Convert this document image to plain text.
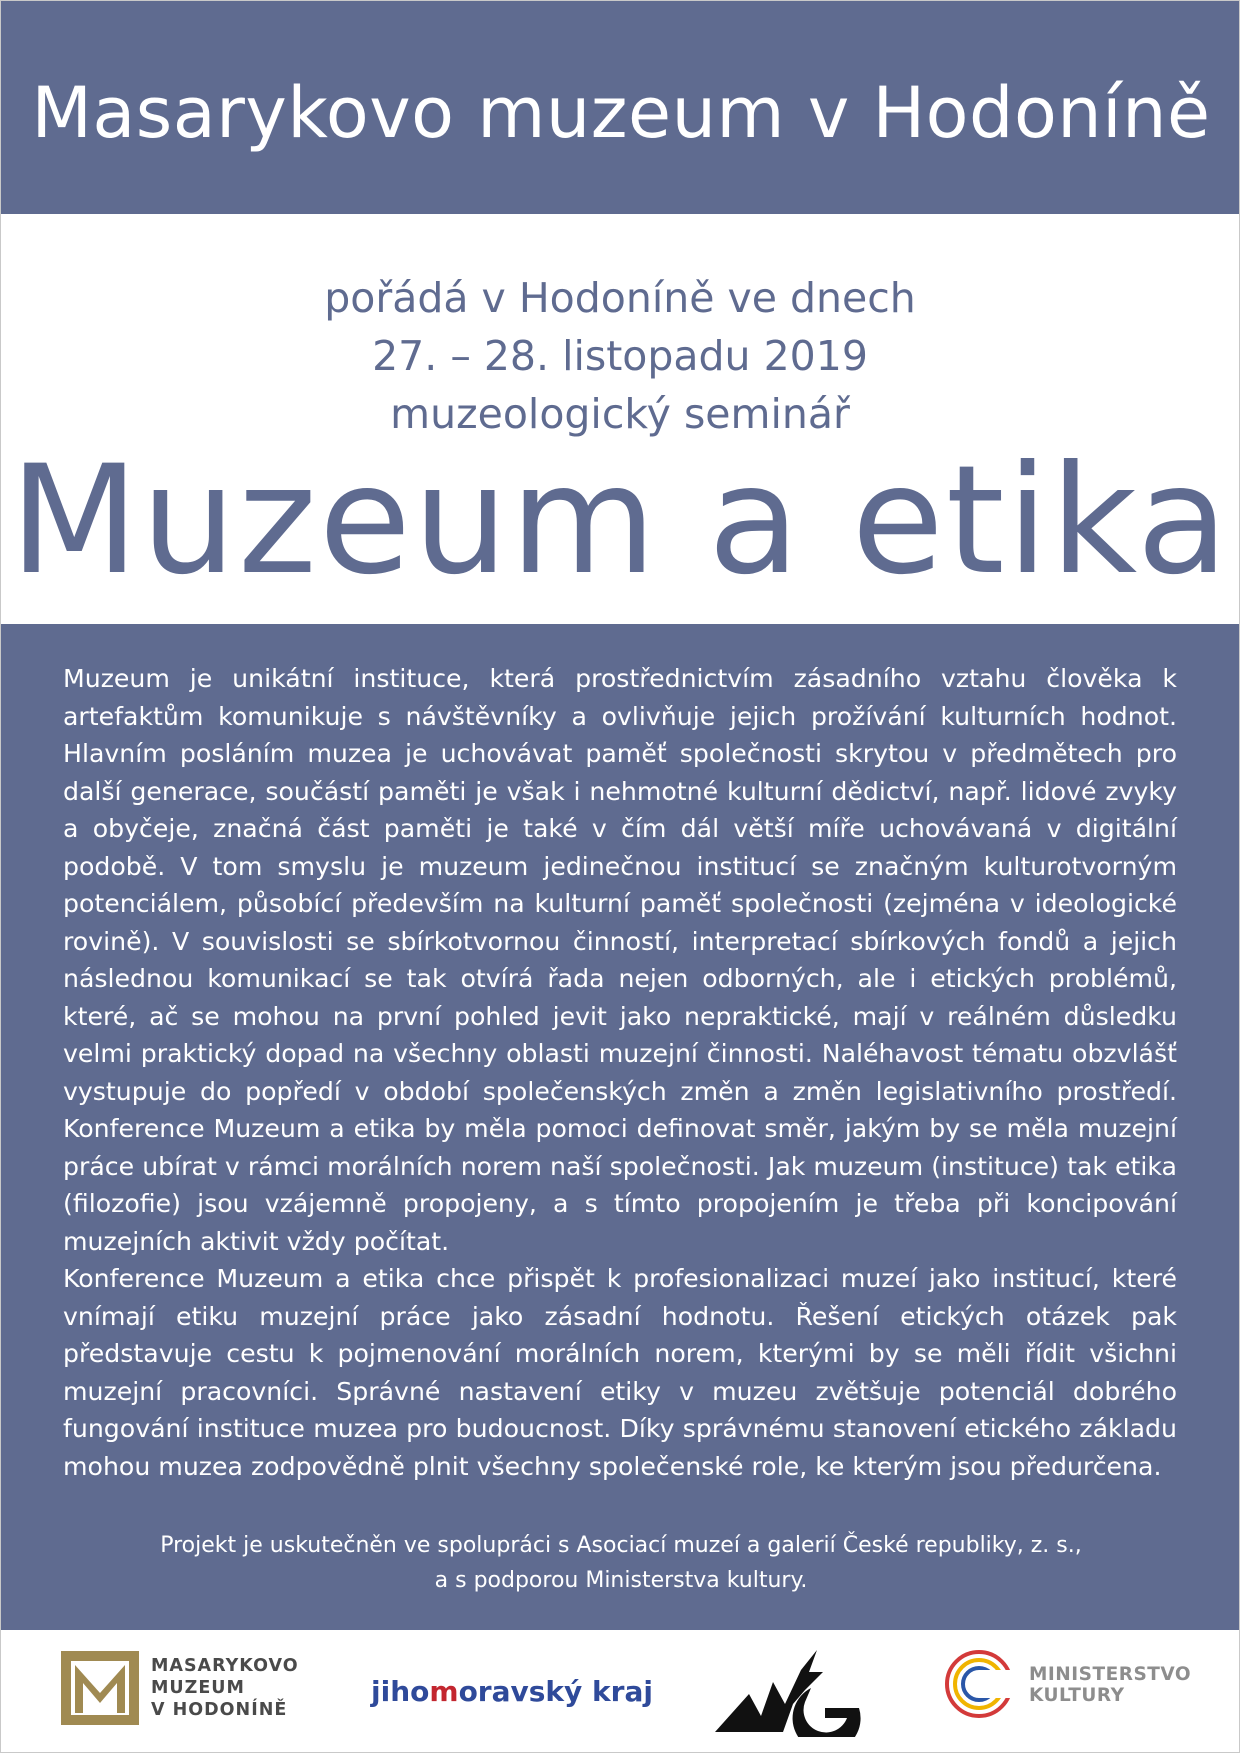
Masarykovo muzeum v Hodoníně
pořádá v Hodoníně ve dnech
27. – 28. listopadu 2019
muzeologický seminář
Muzeum a etika

Muzeum je unikátní instituce, která prostřednictvím zásadního vztahu člověka k artefaktům komunikuje s návštěvníky a ovlivňuje jejich prožívání kulturních hodnot. Hlavním posláním muzea je uchovávat paměť společnosti skrytou v předmětech pro další generace, součástí paměti je však i nehmotné kulturní dědictví, např. lidové zvyky a obyčeje, značná část paměti je také v čím dál větší míře uchovávaná v digitální podobě. V tom smyslu je muzeum jedinečnou institucí se značným kulturotvorným potenciálem, působící především na kulturní paměť společnosti (zejména v ideologické rovině). V souvislosti se sbírkotvornou činností, interpretací sbírkových fondů a jejich následnou komunikací se tak otvírá řada nejen odborných, ale i etických problémů, které, ač se mohou na první pohled jevit jako nepraktické, mají v reálném důsledku velmi praktický dopad na všechny oblasti muzejní činnosti. Naléhavost tématu obzvlášť vystupuje do popředí v období společenských změn a změn legislativního prostředí. Konference Muzeum a etika by měla pomoci definovat směr, jakým by se měla muzejní práce ubírat v rámci morálních norem naší společnosti. Jak muzeum (instituce) tak etika (filozofie) jsou vzájemně propojeny, a s tímto propojením je třeba při koncipování muzejních aktivit vždy počítat.

Konference Muzeum a etika chce přispět k profesionalizaci muzeí jako institucí, které vnímají etiku muzejní práce jako zásadní hodnotu. Řešení etických otázek pak představuje cestu k pojmenování morálních norem, kterými by se měli řídit všichni muzejní pracovníci. Správné nastavení etiky v muzeu zvětšuje potenciál dobrého fungování instituce muzea pro budoucnost. Díky správnému stanovení etického základu mohou muzea zodpovědně plnit všechny společenské role, ke kterým jsou předurčena.

Projekt je uskutečněn ve spolupráci s Asociací muzeí a galerií České republiky, z. s.,
a s podporou Ministerstva kultury.
MASARYKOVO
MUZEUM
V HODONÍNĚ
jihomoravský kraj
MINISTERSTVO
KULTURY
